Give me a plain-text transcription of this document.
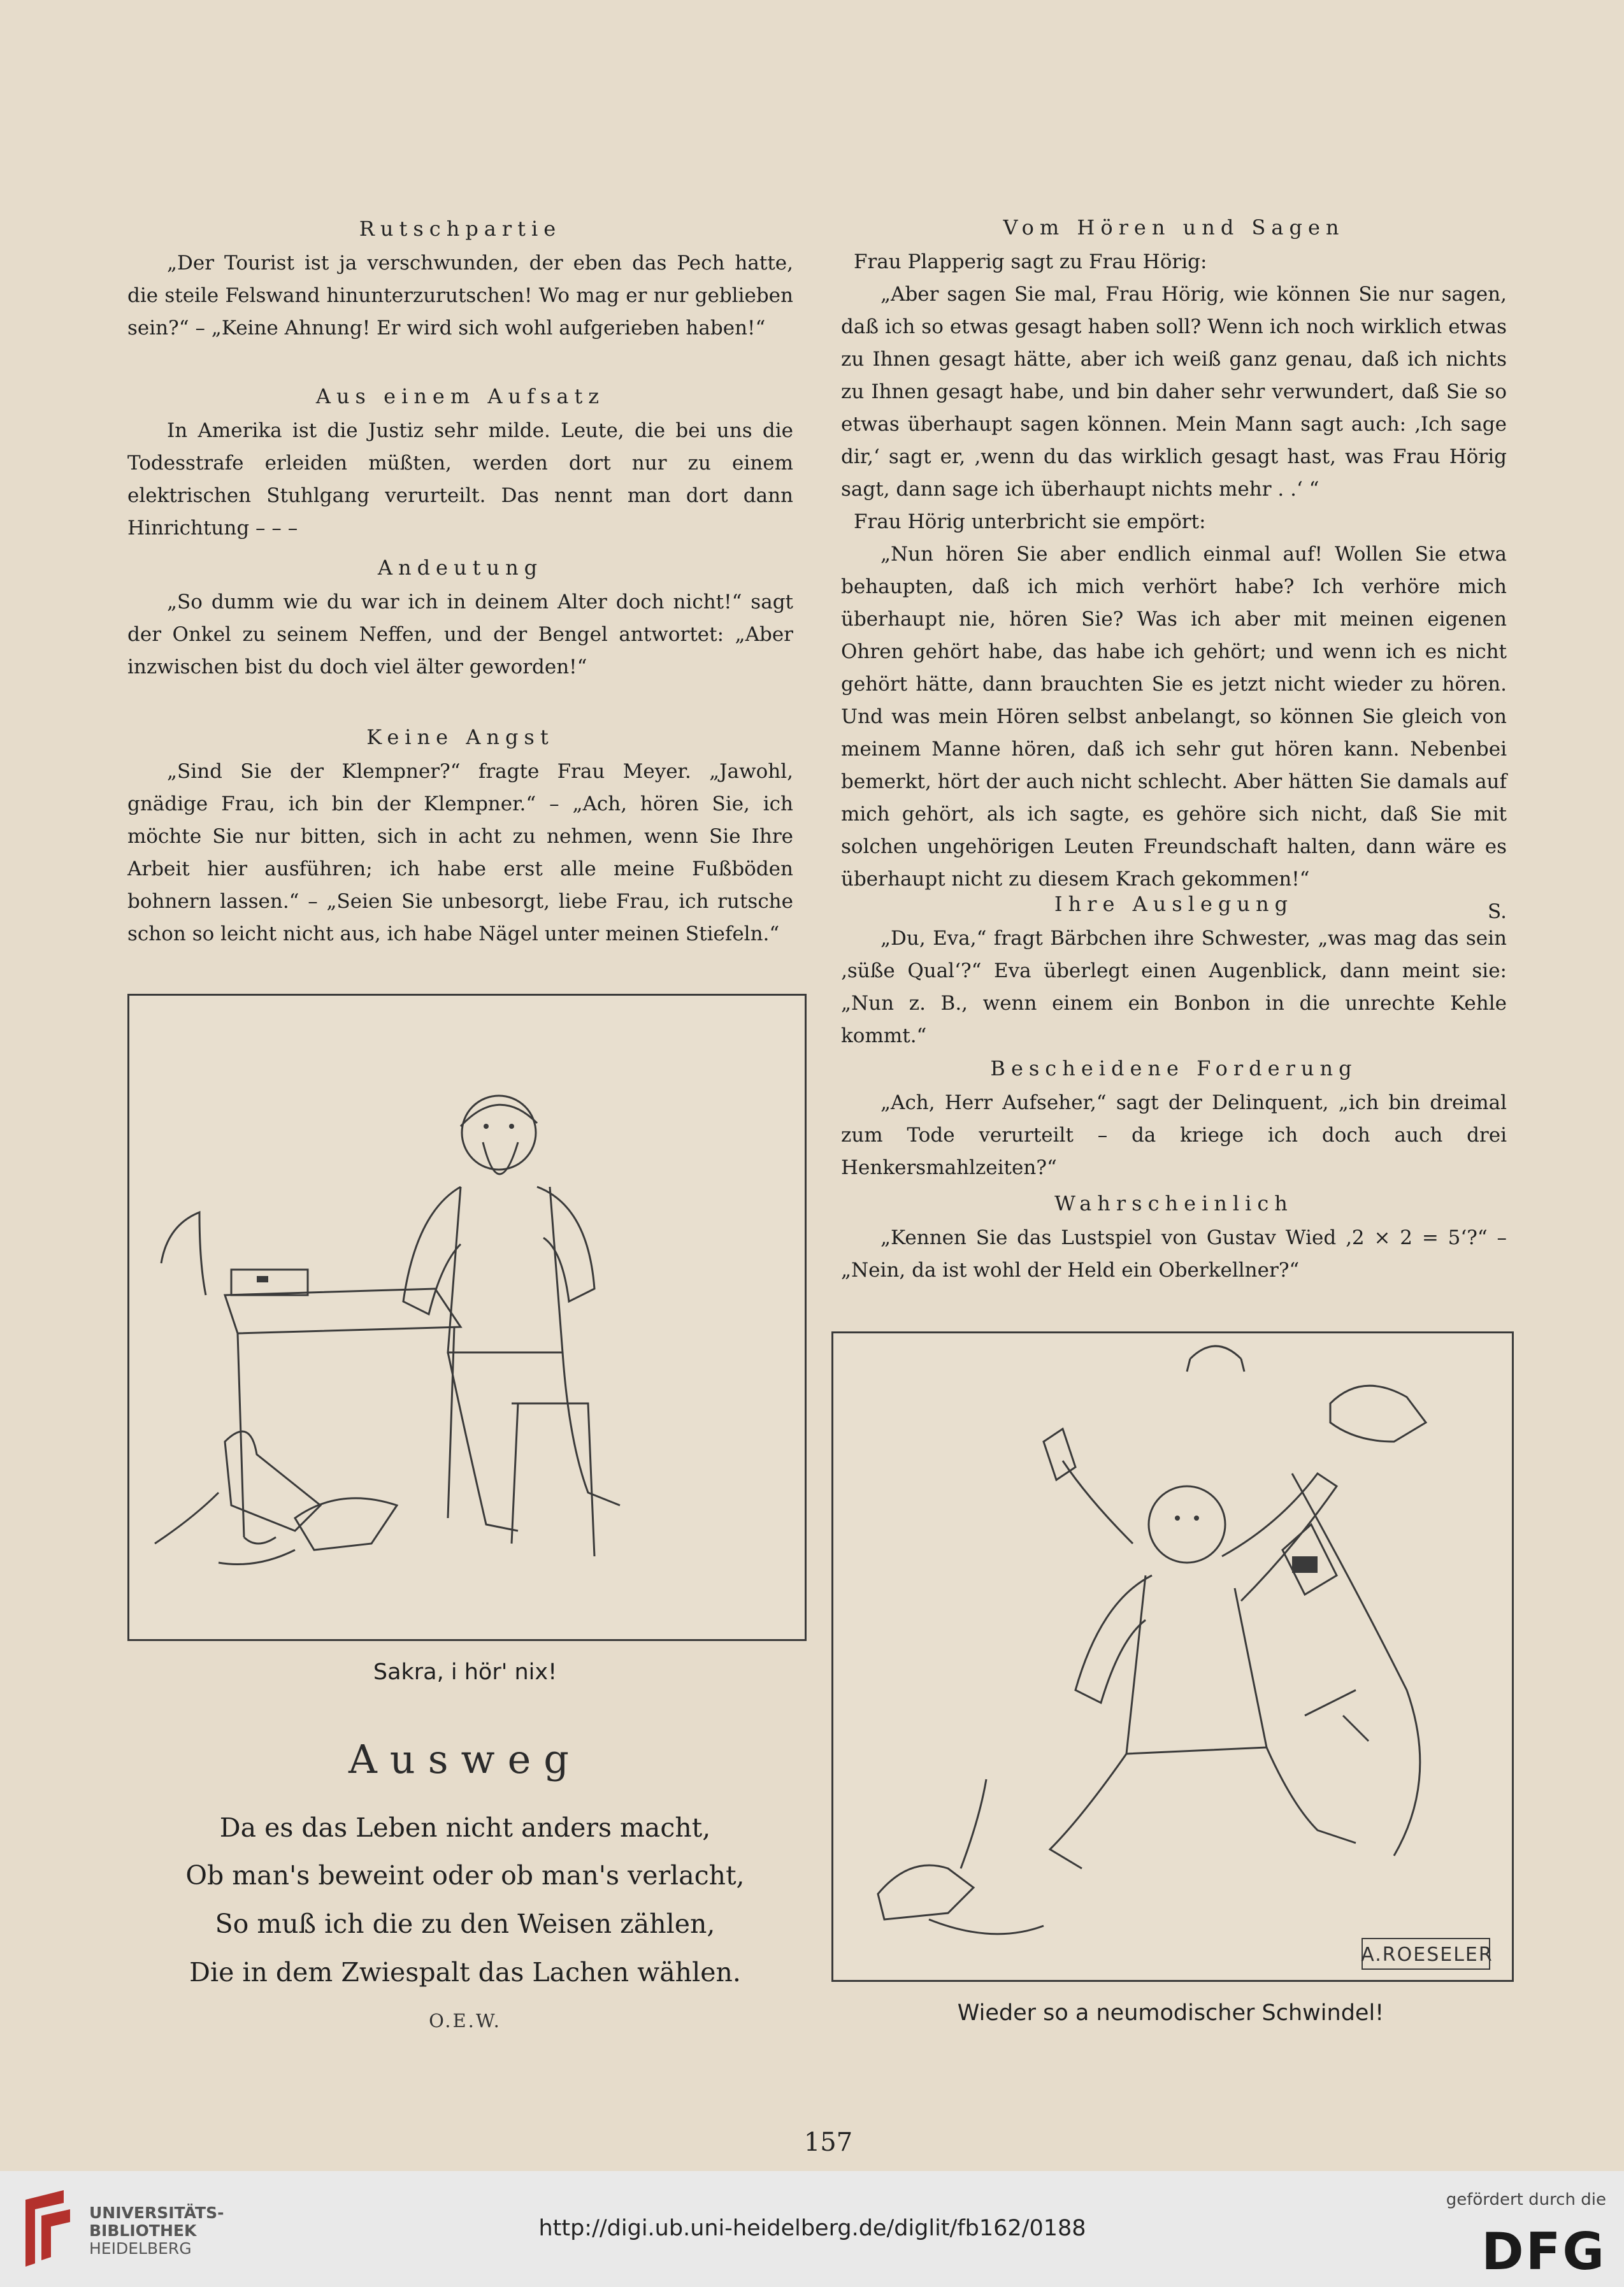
Rutschpartie

„Der Tourist ist ja verschwunden, der eben das Pech hatte, die steile Felswand hinunterzurutschen! Wo mag er nur geblieben sein?“ – „Keine Ahnung! Er wird sich wohl aufgerieben haben!“

Aus einem Aufsatz

In Amerika ist die Justiz sehr milde. Leute, die bei uns die Todesstrafe erleiden müßten, werden dort nur zu einem elektrischen Stuhlgang verurteilt. Das nennt man dort dann Hinrichtung – – –

Andeutung

„So dumm wie du war ich in deinem Alter doch nicht!“ sagt der Onkel zu seinem Neffen, und der Bengel antwortet: „Aber inzwischen bist du doch viel älter geworden!“

Keine Angst

„Sind Sie der Klempner?“ fragte Frau Meyer. „Jawohl, gnädige Frau, ich bin der Klempner.“ – „Ach, hören Sie, ich möchte Sie nur bitten, sich in acht zu nehmen, wenn Sie Ihre Arbeit hier ausführen; ich habe erst alle meine Fußböden bohnern lassen.“ – „Seien Sie unbesorgt, liebe Frau, ich rutsche schon so leicht nicht aus, ich habe Nägel unter meinen Stiefeln.“

Sakra, i hör' nix!
Ausweg
Da es das Leben nicht anders macht,
Ob man's beweint oder ob man's verlacht,
So muß ich die zu den Weisen zählen,
Die in dem Zwiespalt das Lachen wählen.
O.E.W.
Vom Hören und Sagen

Frau Plapperig sagt zu Frau Hörig:

„Aber sagen Sie mal, Frau Hörig, wie können Sie nur sagen, daß ich so etwas gesagt haben soll? Wenn ich noch wirklich etwas zu Ihnen gesagt hätte, aber ich weiß ganz genau, daß ich nichts zu Ihnen gesagt habe, und bin daher sehr verwundert, daß Sie so etwas überhaupt sagen können. Mein Mann sagt auch: ‚Ich sage dir,‘ sagt er, ‚wenn du das wirklich gesagt hast, was Frau Hörig sagt, dann sage ich überhaupt nichts mehr . .‘ “

Frau Hörig unterbricht sie empört:

„Nun hören Sie aber endlich einmal auf! Wollen Sie etwa behaupten, daß ich mich verhört habe? Ich verhöre mich überhaupt nie, hören Sie? Was ich aber mit meinen eigenen Ohren gehört habe, das habe ich gehört; und wenn ich es nicht gehört hätte, dann brauchten Sie es jetzt nicht wieder zu hören. Und was mein Hören selbst anbelangt, so können Sie gleich von meinem Manne hören, daß ich sehr gut hören kann. Nebenbei bemerkt, hört der auch nicht schlecht. Aber hätten Sie damals auf mich gehört, als ich sagte, es gehöre sich nicht, daß Sie mit solchen ungehörigen Leuten Freundschaft halten, dann wäre es überhaupt nicht zu diesem Krach gekommen!“

S.

Ihre Auslegung

„Du, Eva,“ fragt Bärbchen ihre Schwester, „was mag das sein ‚süße Qual‘?“ Eva überlegt einen Augenblick, dann meint sie: „Nun z. B., wenn einem ein Bonbon in die unrechte Kehle kommt.“

Bescheidene Forderung

„Ach, Herr Aufseher,“ sagt der Delinquent, „ich bin dreimal zum Tode verurteilt – da kriege ich doch auch drei Henkersmahlzeiten?“

Wahrscheinlich

„Kennen Sie das Lustspiel von Gustav Wied ‚2 × 2 = 5‘?“ – „Nein, da ist wohl der Held ein Oberkellner?“

A.ROESELER
Wieder so a neumodischer Schwindel!
157
UNIVERSITÄTS-
BIBLIOTHEK
HEIDELBERG
http://digi.ub.uni-heidelberg.de/diglit/fb162/0188
gefördert durch die
DFG
